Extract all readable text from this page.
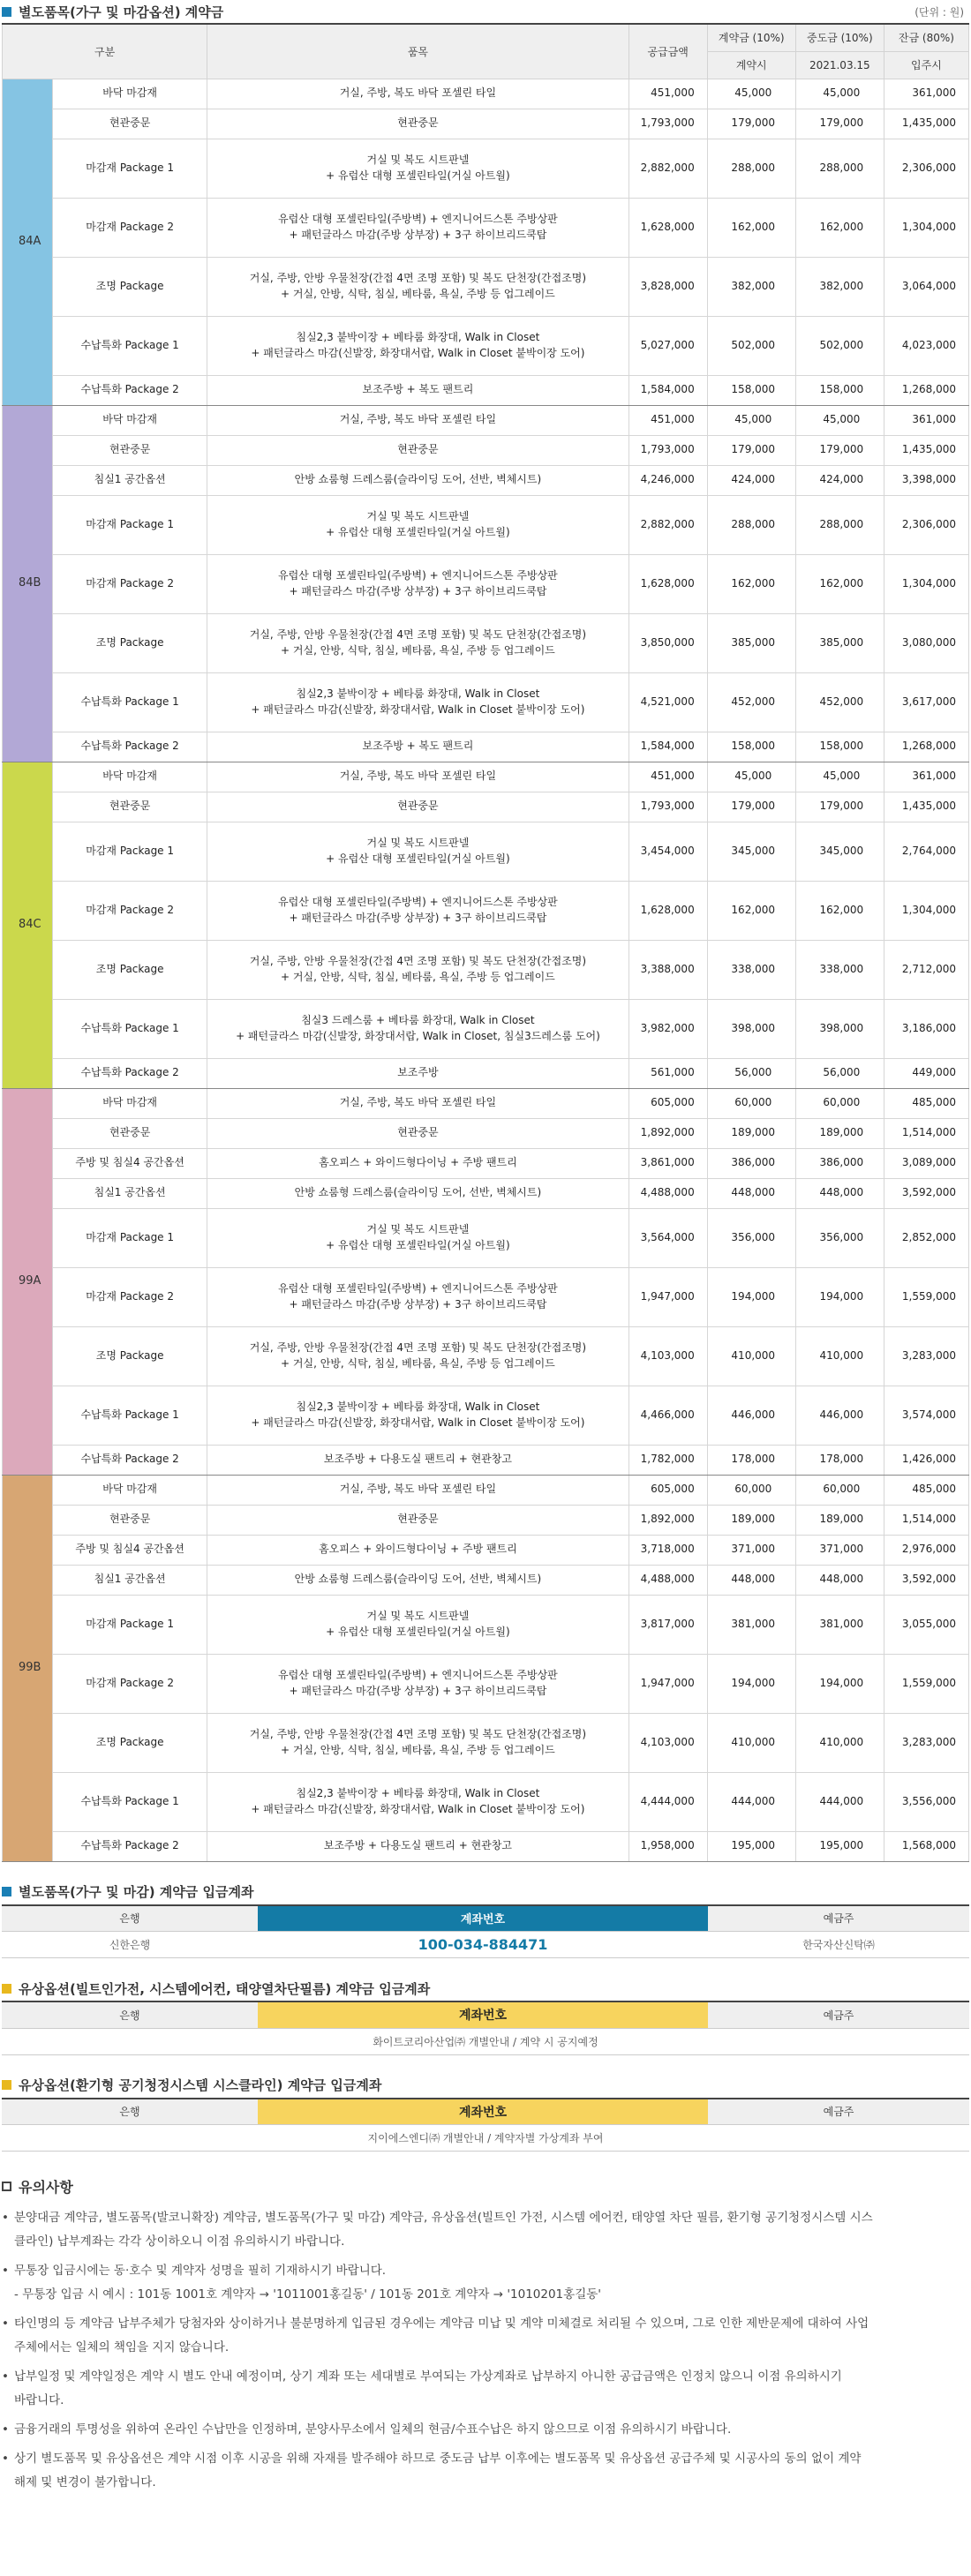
별도품목(가구 및 마감옵션) 계약금	(단위 : 원)
구분		품목	공급금액	계약금 (10%)	중도금 (10%)	잔금 (80%)
				계약시	2021.03.15	입주시
84A	바닥 마감재	거실, 주방, 복도 바닥 포셀린 타일	451,000	45,000	45,000	361,000
	현관중문	현관중문	1,793,000	179,000	179,000	1,435,000
	마감재 Package 1	거실 및 복도 시트판넬
+ 유럽산 대형 포셀린타일(거실 아트월)	2,882,000	288,000	288,000	2,306,000
	마감재 Package 2	유럽산 대형 포셀린타일(주방벽) + 엔지니어드스톤 주방상판
+ 패턴글라스 마감(주방 상부장) + 3구 하이브리드쿡탑	1,628,000	162,000	162,000	1,304,000
	조명 Package	거실, 주방, 안방 우물천장(간접 4면 조명 포함) 및 복도 단천장(간접조명)
+ 거실, 안방, 식탁, 침실, 베타룸, 욕실, 주방 등 업그레이드	3,828,000	382,000	382,000	3,064,000
	수납특화 Package 1	침실2,3 붙박이장 + 베타룸 화장대, Walk in Closet
+ 패턴글라스 마감(신발장, 화장대서랍, Walk in Closet 붙박이장 도어)	5,027,000	502,000	502,000	4,023,000
	수납특화 Package 2	보조주방 + 복도 팬트리	1,584,000	158,000	158,000	1,268,000
84B	바닥 마감재	거실, 주방, 복도 바닥 포셀린 타일	451,000	45,000	45,000	361,000
	현관중문	현관중문	1,793,000	179,000	179,000	1,435,000
	침실1 공간옵션	안방 쇼룸형 드레스룸(슬라이딩 도어, 선반, 벽체시트)	4,246,000	424,000	424,000	3,398,000
	마감재 Package 1	거실 및 복도 시트판넬
+ 유럽산 대형 포셀린타일(거실 아트월)	2,882,000	288,000	288,000	2,306,000
	마감재 Package 2	유럽산 대형 포셀린타일(주방벽) + 엔지니어드스톤 주방상판
+ 패턴글라스 마감(주방 상부장) + 3구 하이브리드쿡탑	1,628,000	162,000	162,000	1,304,000
	조명 Package	거실, 주방, 안방 우물천장(간접 4면 조명 포함) 및 복도 단천장(간접조명)
+ 거실, 안방, 식탁, 침실, 베타룸, 욕실, 주방 등 업그레이드	3,850,000	385,000	385,000	3,080,000
	수납특화 Package 1	침실2,3 붙박이장 + 베타룸 화장대, Walk in Closet
+ 패턴글라스 마감(신발장, 화장대서랍, Walk in Closet 붙박이장 도어)	4,521,000	452,000	452,000	3,617,000
	수납특화 Package 2	보조주방 + 복도 팬트리	1,584,000	158,000	158,000	1,268,000
84C	바닥 마감재	거실, 주방, 복도 바닥 포셀린 타일	451,000	45,000	45,000	361,000
	현관중문	현관중문	1,793,000	179,000	179,000	1,435,000
	마감재 Package 1	거실 및 복도 시트판넬
+ 유럽산 대형 포셀린타일(거실 아트월)	3,454,000	345,000	345,000	2,764,000
	마감재 Package 2	유럽산 대형 포셀린타일(주방벽) + 엔지니어드스톤 주방상판
+ 패턴글라스 마감(주방 상부장) + 3구 하이브리드쿡탑	1,628,000	162,000	162,000	1,304,000
	조명 Package	거실, 주방, 안방 우물천장(간접 4면 조명 포함) 및 복도 단천장(간접조명)
+ 거실, 안방, 식탁, 침실, 베타룸, 욕실, 주방 등 업그레이드	3,388,000	338,000	338,000	2,712,000
	수납특화 Package 1	침실3 드레스룸 + 베타룸 화장대, Walk in Closet
+ 패턴글라스 마감(신발장, 화장대서랍, Walk in Closet, 침실3드레스룸 도어)	3,982,000	398,000	398,000	3,186,000
	수납특화 Package 2	보조주방	561,000	56,000	56,000	449,000
99A	바닥 마감재	거실, 주방, 복도 바닥 포셀린 타일	605,000	60,000	60,000	485,000
	현관중문	현관중문	1,892,000	189,000	189,000	1,514,000
	주방 및 침실4 공간옵션	홈오피스 + 와이드형다이닝 + 주방 팬트리	3,861,000	386,000	386,000	3,089,000
	침실1 공간옵션	안방 쇼룸형 드레스룸(슬라이딩 도어, 선반, 벽체시트)	4,488,000	448,000	448,000	3,592,000
	마감재 Package 1	거실 및 복도 시트판넬
+ 유럽산 대형 포셀린타일(거실 아트월)	3,564,000	356,000	356,000	2,852,000
	마감재 Package 2	유럽산 대형 포셀린타일(주방벽) + 엔지니어드스톤 주방상판
+ 패턴글라스 마감(주방 상부장) + 3구 하이브리드쿡탑	1,947,000	194,000	194,000	1,559,000
	조명 Package	거실, 주방, 안방 우물천장(간접 4면 조명 포함) 및 복도 단천장(간접조명)
+ 거실, 안방, 식탁, 침실, 베타룸, 욕실, 주방 등 업그레이드	4,103,000	410,000	410,000	3,283,000
	수납특화 Package 1	침실2,3 붙박이장 + 베타룸 화장대, Walk in Closet
+ 패턴글라스 마감(신발장, 화장대서랍, Walk in Closet 붙박이장 도어)	4,466,000	446,000	446,000	3,574,000
	수납특화 Package 2	보조주방 + 다용도실 팬트리 + 현관창고	1,782,000	178,000	178,000	1,426,000
99B	바닥 마감재	거실, 주방, 복도 바닥 포셀린 타일	605,000	60,000	60,000	485,000
	현관중문	현관중문	1,892,000	189,000	189,000	1,514,000
	주방 및 침실4 공간옵션	홈오피스 + 와이드형다이닝 + 주방 팬트리	3,718,000	371,000	371,000	2,976,000
	침실1 공간옵션	안방 쇼룸형 드레스룸(슬라이딩 도어, 선반, 벽체시트)	4,488,000	448,000	448,000	3,592,000
	마감재 Package 1	거실 및 복도 시트판넬
+ 유럽산 대형 포셀린타일(거실 아트월)	3,817,000	381,000	381,000	3,055,000
	마감재 Package 2	유럽산 대형 포셀린타일(주방벽) + 엔지니어드스톤 주방상판
+ 패턴글라스 마감(주방 상부장) + 3구 하이브리드쿡탑	1,947,000	194,000	194,000	1,559,000
	조명 Package	거실, 주방, 안방 우물천장(간접 4면 조명 포함) 및 복도 단천장(간접조명)
+ 거실, 안방, 식탁, 침실, 베타룸, 욕실, 주방 등 업그레이드	4,103,000	410,000	410,000	3,283,000
	수납특화 Package 1	침실2,3 붙박이장 + 베타룸 화장대, Walk in Closet
+ 패턴글라스 마감(신발장, 화장대서랍, Walk in Closet 붙박이장 도어)	4,444,000	444,000	444,000	3,556,000
	수납특화 Package 2	보조주방 + 다용도실 팬트리 + 현관창고	1,958,000	195,000	195,000	1,568,000
별도품목(가구 및 마감) 계약금 입금계좌
은행	계좌번호	예금주
신한은행	100-034-884471	한국자산신탁㈜
유상옵션(빌트인가전, 시스템에어컨, 태양열차단필름) 계약금 입금계좌
은행	계좌번호	예금주
화이트코리아산업㈜ 개별안내 / 계약 시 공지예정
유상옵션(환기형 공기청정시스템 시스클라인) 계약금 입금계좌
은행	계좌번호	예금주
지이에스엔디㈜ 개별안내 / 계약자별 가상계좌 부여
유의사항
• 분양대금 계약금, 별도품목(발코니확장) 계약금, 별도품목(가구 및 마감) 계약금, 유상옵션(빌트인 가전, 시스템 에어컨, 태양열 차단 필름, 환기형 공기청정시스템 시스
클라인) 납부계좌는 각각 상이하오니 이점 유의하시기 바랍니다.
• 무통장 입금시에는 동·호수 및 계약자 성명을 필히 기재하시기 바랍니다.
- 무통장 입금 시 예시 : 101동 1001호 계약자 → '1011001홍길동' / 101동 201호 계약자 → '1010201홍길동'
• 타인명의 등 계약금 납부주체가 당첨자와 상이하거나 불분명하게 입금된 경우에는 계약금 미납 및 계약 미체결로 처리될 수 있으며, 그로 인한 제반문제에 대하여 사업
주체에서는 일체의 책임을 지지 않습니다.
• 납부일정 및 계약일정은 계약 시 별도 안내 예정이며, 상기 계좌 또는 세대별로 부여되는 가상계좌로 납부하지 아니한 공급금액은 인정치 않으니 이점 유의하시기
바랍니다.
• 금융거래의 투명성을 위하여 온라인 수납만을 인정하며, 분양사무소에서 일체의 현금/수표수납은 하지 않으므로 이점 유의하시기 바랍니다.
• 상기 별도품목 및 유상옵션은 계약 시점 이후 시공을 위해 자재를 발주해야 하므로 중도금 납부 이후에는 별도품목 및 유상옵션 공급주체 및 시공사의 동의 없이 계약
해제 및 변경이 불가합니다.
